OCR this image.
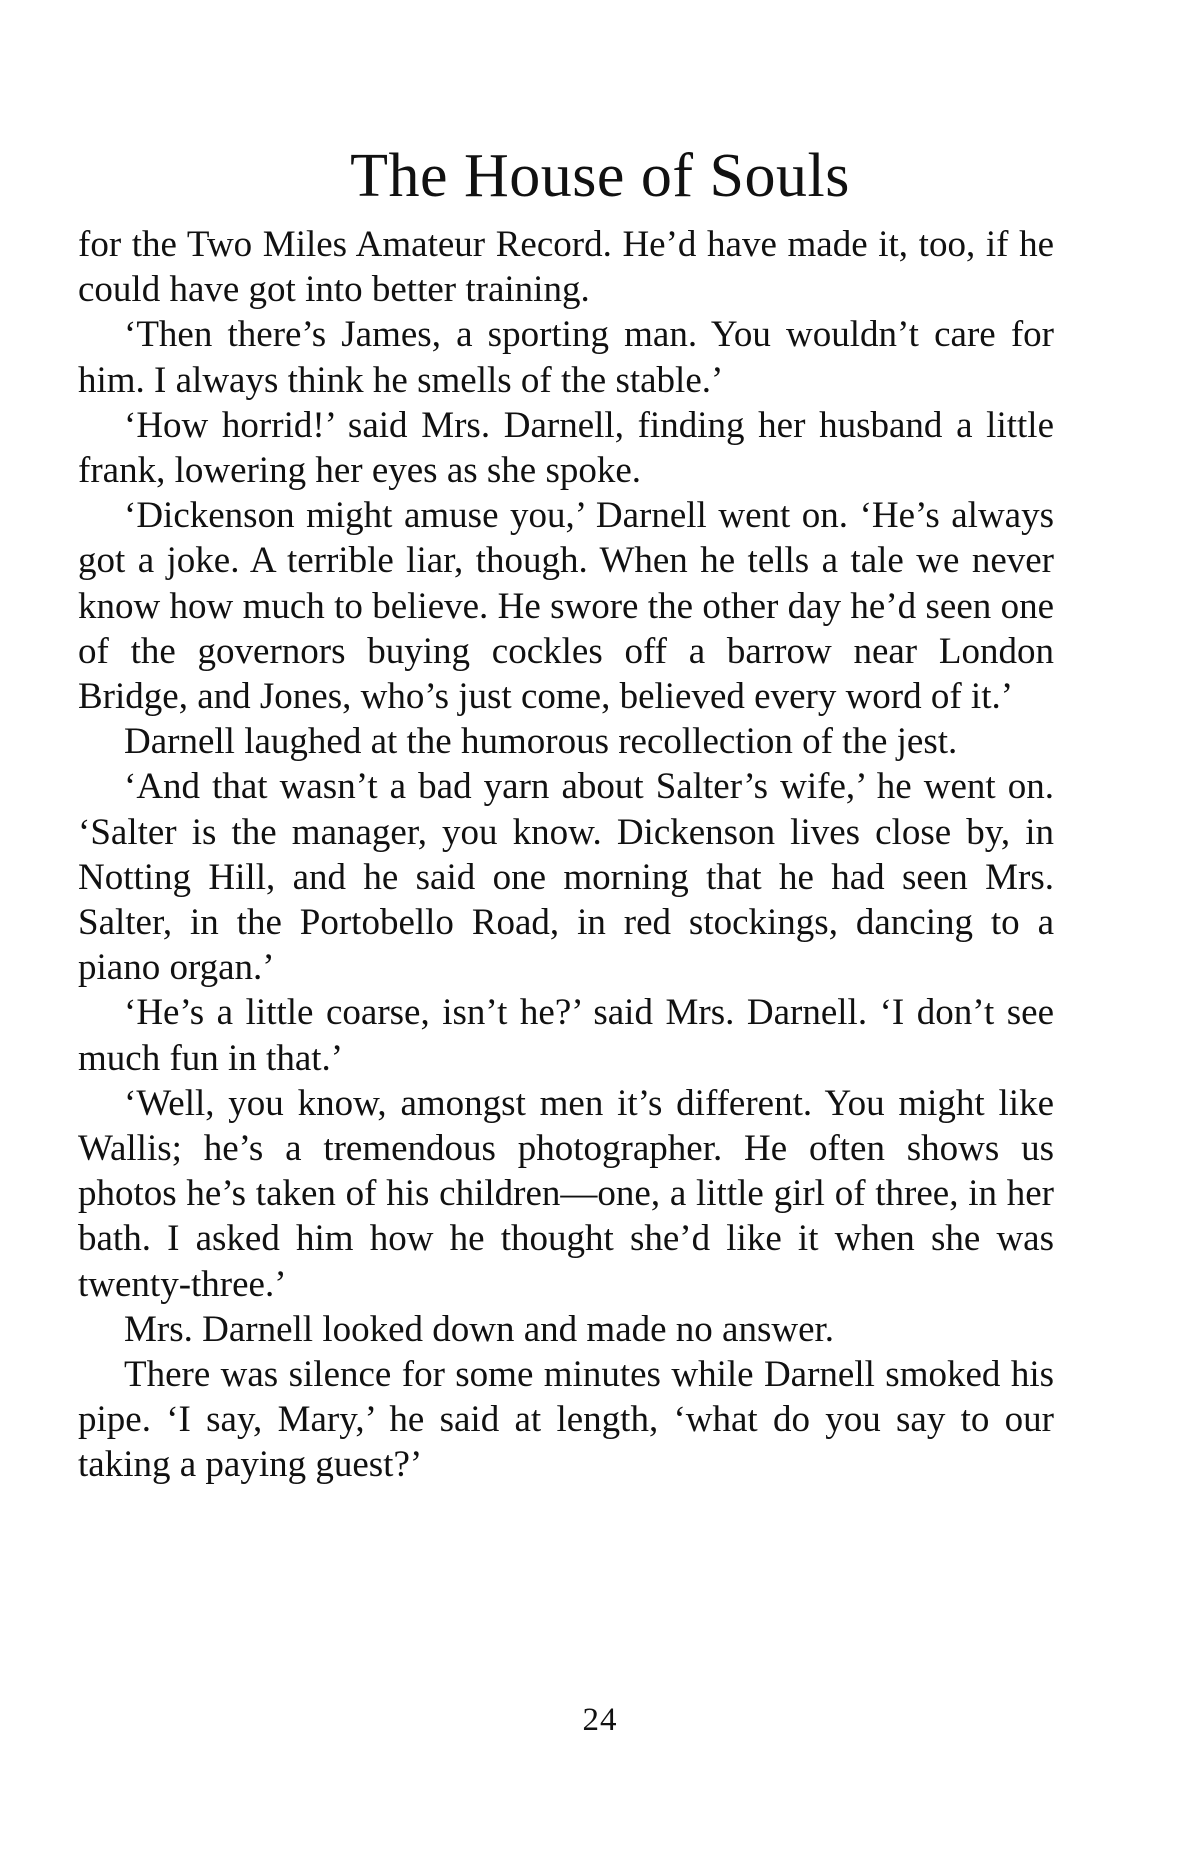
The House of Souls

for the Two Miles Amateur Record. He’d have made it, too, if he could have got into better training.

‘Then there’s James, a sporting man. You wouldn’t care for him. I always think he smells of the stable.’

‘How horrid!’ said Mrs. Darnell, finding her husband a little frank, lowering her eyes as she spoke.

‘Dickenson might amuse you,’ Darnell went on. ‘He’s always got a joke. A terrible liar, though. When he tells a tale we never know how much to believe. He swore the other day he’d seen one of the governors buying cockles off a barrow near London Bridge, and Jones, who’s just come, believed every word of it.’

Darnell laughed at the humorous recollection of the jest.

‘And that wasn’t a bad yarn about Salter’s wife,’ he went on. ‘Salter is the manager, you know. Dickenson lives close by, in Notting Hill, and he said one morning that he had seen Mrs. Salter, in the Portobello Road, in red stockings, dancing to a piano organ.’

‘He’s a little coarse, isn’t he?’ said Mrs. Darnell. ‘I don’t see much fun in that.’

‘Well, you know, amongst men it’s different. You might like Wallis; he’s a tremendous photographer. He often shows us photos he’s taken of his children—one, a little girl of three, in her bath. I asked him how he thought she’d like it when she was twenty-three.’

Mrs. Darnell looked down and made no answer.

There was silence for some minutes while Darnell smoked his pipe. ‘I say, Mary,’ he said at length, ‘what do you say to our taking a paying guest?’

24
